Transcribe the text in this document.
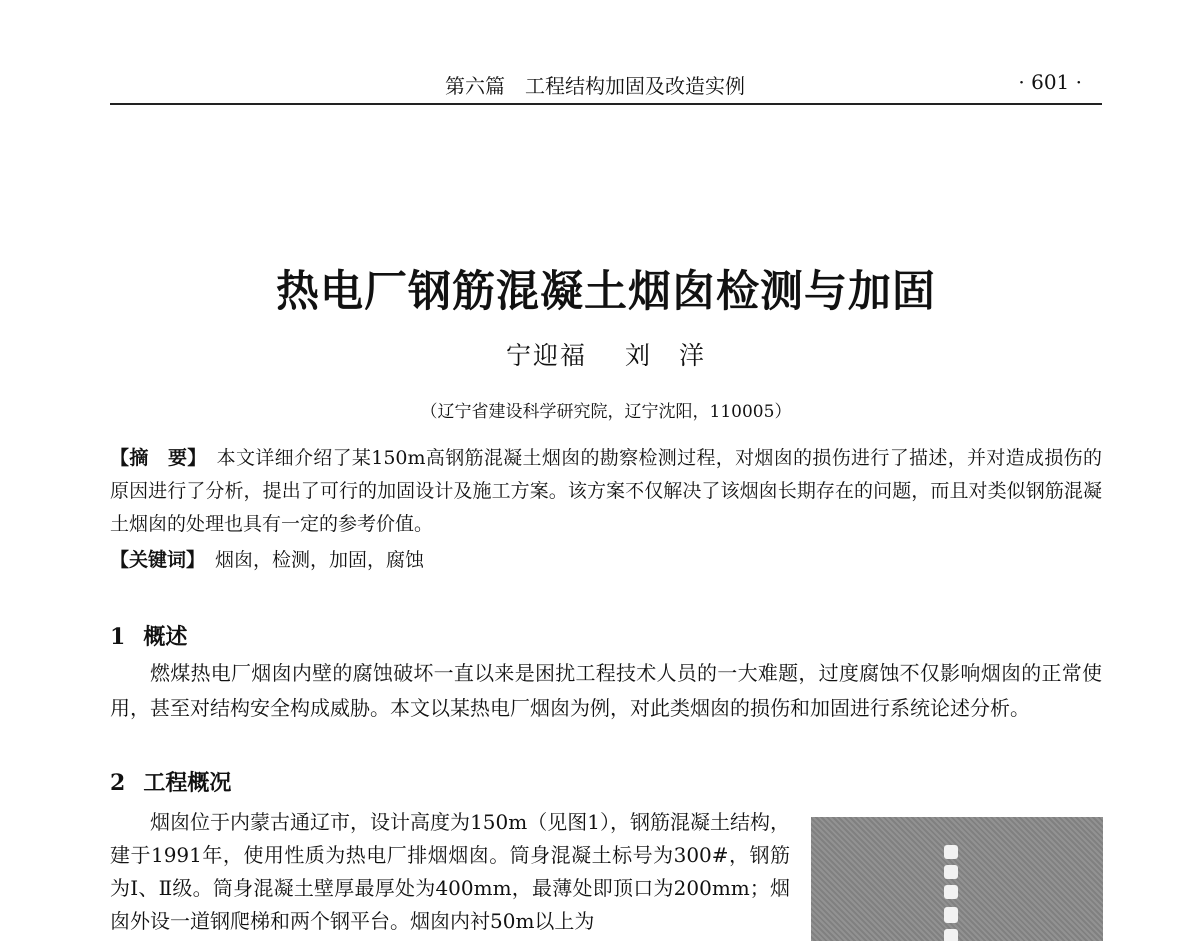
第六篇　工程结构加固及改造实例	· 601 ·
热电厂钢筋混凝土烟囱检测与加固
宁迎福 刘　洋
（辽宁省建设科学研究院，辽宁沈阳，110005）

【摘　要】 本文详细介绍了某150m高钢筋混凝土烟囱的勘察检测过程，对烟囱的损伤进行了描述，并对造成损伤的原因进行了分析，提出了可行的加固设计及施工方案。该方案不仅解决了该烟囱长期存在的问题，而且对类似钢筋混凝土烟囱的处理也具有一定的参考价值。

【关键词】 烟囱，检测，加固，腐蚀

1 概述

燃煤热电厂烟囱内壁的腐蚀破坏一直以来是困扰工程技术人员的一大难题，过度腐蚀不仅影响烟囱的正常使用，甚至对结构安全构成威胁。本文以某热电厂烟囱为例，对此类烟囱的损伤和加固进行系统论述分析。

2 工程概况

烟囱位于内蒙古通辽市，设计高度为150m（见图1），钢筋混凝土结构，建于1991年，使用性质为热电厂排烟烟囱。筒身混凝土标号为300#，钢筋为Ⅰ、Ⅱ级。筒身混凝土壁厚最厚处为400mm，最薄处即顶口为200mm；烟囱外设一道钢爬梯和两个钢平台。烟囱内衬50m以上为
